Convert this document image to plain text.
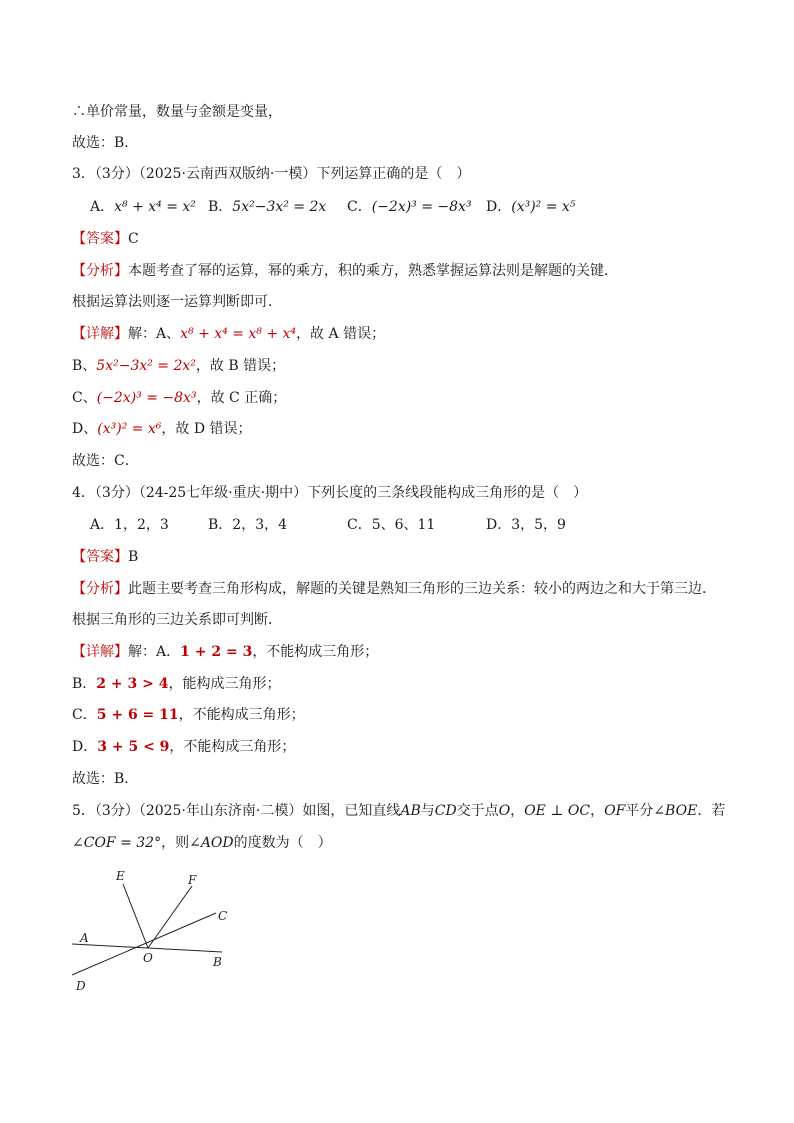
∴单价常量，数量与金额是变量，
故选：B．
3．（3分）（2025·云南西双版纳·一模）下列运算正确的是（　）
A．x⁸ + x⁴ = x² B．5x²−3x² = 2x C．(−2x)³ = −8x³ D．(x³)² = x⁵
【答案】C
【分析】本题考查了幂的运算，幂的乘方，积的乘方，熟悉掌握运算法则是解题的关键．
根据运算法则逐一运算判断即可．
【详解】解：A、x⁸ + x⁴ = x⁸ + x⁴，故 A 错误；
B、5x²−3x² = 2x²，故 B 错误；
C、(−2x)³ = −8x³，故 C 正确；
D、(x³)² = x⁶，故 D 错误；
故选：C．
4．（3分）（24-25七年级·重庆·期中）下列长度的三条线段能构成三角形的是（　）
A．1，2，3	B．2，3，4	C．5、6、11	D．3，5，9
【答案】B
【分析】此题主要考查三角形构成，解题的关键是熟知三角形的三边关系：较小的两边之和大于第三边．
根据三角形的三边关系即可判断．
【详解】解：A．1 + 2 = 3，不能构成三角形；
B．2 + 3 > 4，能构成三角形；
C．5 + 6 = 11，不能构成三角形；
D．3 + 5 < 9，不能构成三角形；
故选：B．
5．（3分）（2025·年山东济南·二模）如图，已知直线AB与CD交于点O，OE ⊥ OC，OF平分∠BOE．若
∠COF = 32°，则∠AOD的度数为（　）
E	F
C
A
O	B
D
